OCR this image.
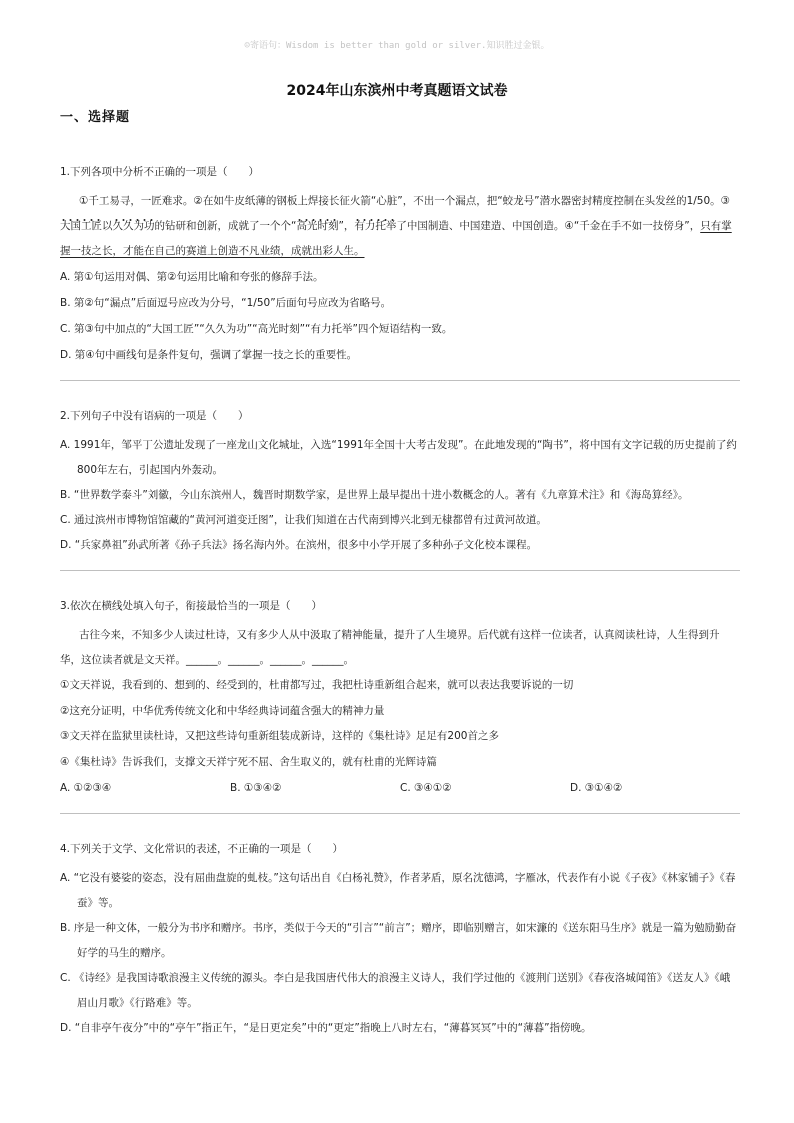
☺寄语句：Wisdom is better than gold or silver.知识胜过金银。
2024年山东滨州中考真题语文试卷
一、选择题
1.下列各项中分析不正确的一项是（　　）
①千工易寻，一匠难求。②在如牛皮纸薄的钢板上焊接长征火箭“心脏”，不出一个漏点，把“蛟龙号”潜水器密封精度控制在头发丝的1/50。③大国工匠以久久为功的钻研和创新，成就了一个个“高光时刻”，有力托举了中国制造、中国建造、中国创造。④“千金在手不如一技傍身”，只有掌握一技之长，才能在自己的赛道上创造不凡业绩，成就出彩人生。
A. 第①句运用对偶、第②句运用比喻和夸张的修辞手法。
B. 第②句“漏点”后面逗号应改为分号，“1/50”后面句号应改为省略号。
C. 第③句中加点的“大国工匠”“久久为功”“高光时刻”“有力托举”四个短语结构一致。
D. 第④句中画线句是条件复句，强调了掌握一技之长的重要性。
2.下列句子中没有语病的一项是（　　）
A. 1991年，邹平丁公遗址发现了一座龙山文化城址，入选“1991年全国十大考古发现”。在此地发现的“陶书”，将中国有文字记载的历史提前了约800年左右，引起国内外轰动。
B. “世界数学泰斗”刘徽，今山东滨州人，魏晋时期数学家，是世界上最早提出十进小数概念的人。著有《九章算术注》和《海岛算经》。
C. 通过滨州市博物馆馆藏的“黄河河道变迁图”，让我们知道在古代南到博兴北到无棣都曾有过黄河故道。
D. “兵家鼻祖”孙武所著《孙子兵法》扬名海内外。在滨州，很多中小学开展了多种孙子文化校本课程。
3.依次在横线处填入句子，衔接最恰当的一项是（　　）
古往今来，不知多少人读过杜诗，又有多少人从中汲取了精神能量，提升了人生境界。后代就有这样一位读者，认真阅读杜诗，人生得到升华，这位读者就是文天祥。______。______。______。______。
①文天祥说，我看到的、想到的、经受到的，杜甫都写过，我把杜诗重新组合起来，就可以表达我要诉说的一切
②这充分证明，中华优秀传统文化和中华经典诗词蕴含强大的精神力量
③文天祥在监狱里读杜诗，又把这些诗句重新组装成新诗，这样的《集杜诗》足足有200首之多
④《集杜诗》告诉我们，支撑文天祥宁死不屈、舍生取义的，就有杜甫的光辉诗篇
A. ①②③④	B. ①③④②	C. ③④①②	D. ③①④②
4.下列关于文学、文化常识的表述，不正确的一项是（　　）
A. “它没有婆娑的姿态，没有屈曲盘旋的虬枝。”这句话出自《白杨礼赞》，作者茅盾，原名沈德鸿，字雁冰，代表作有小说《子夜》《林家铺子》《春蚕》等。
B. 序是一种文体，一般分为书序和赠序。书序，类似于今天的“引言”“前言”；赠序，即临别赠言，如宋濂的《送东阳马生序》就是一篇为勉励勤奋好学的马生的赠序。
C. 《诗经》是我国诗歌浪漫主义传统的源头。李白是我国唐代伟大的浪漫主义诗人，我们学过他的《渡荆门送别》《春夜洛城闻笛》《送友人》《峨眉山月歌》《行路难》等。
D. “自非亭午夜分”中的“亭午”指正午，“是日更定矣”中的“更定”指晚上八时左右，“薄暮冥冥”中的“薄暮”指傍晚。
